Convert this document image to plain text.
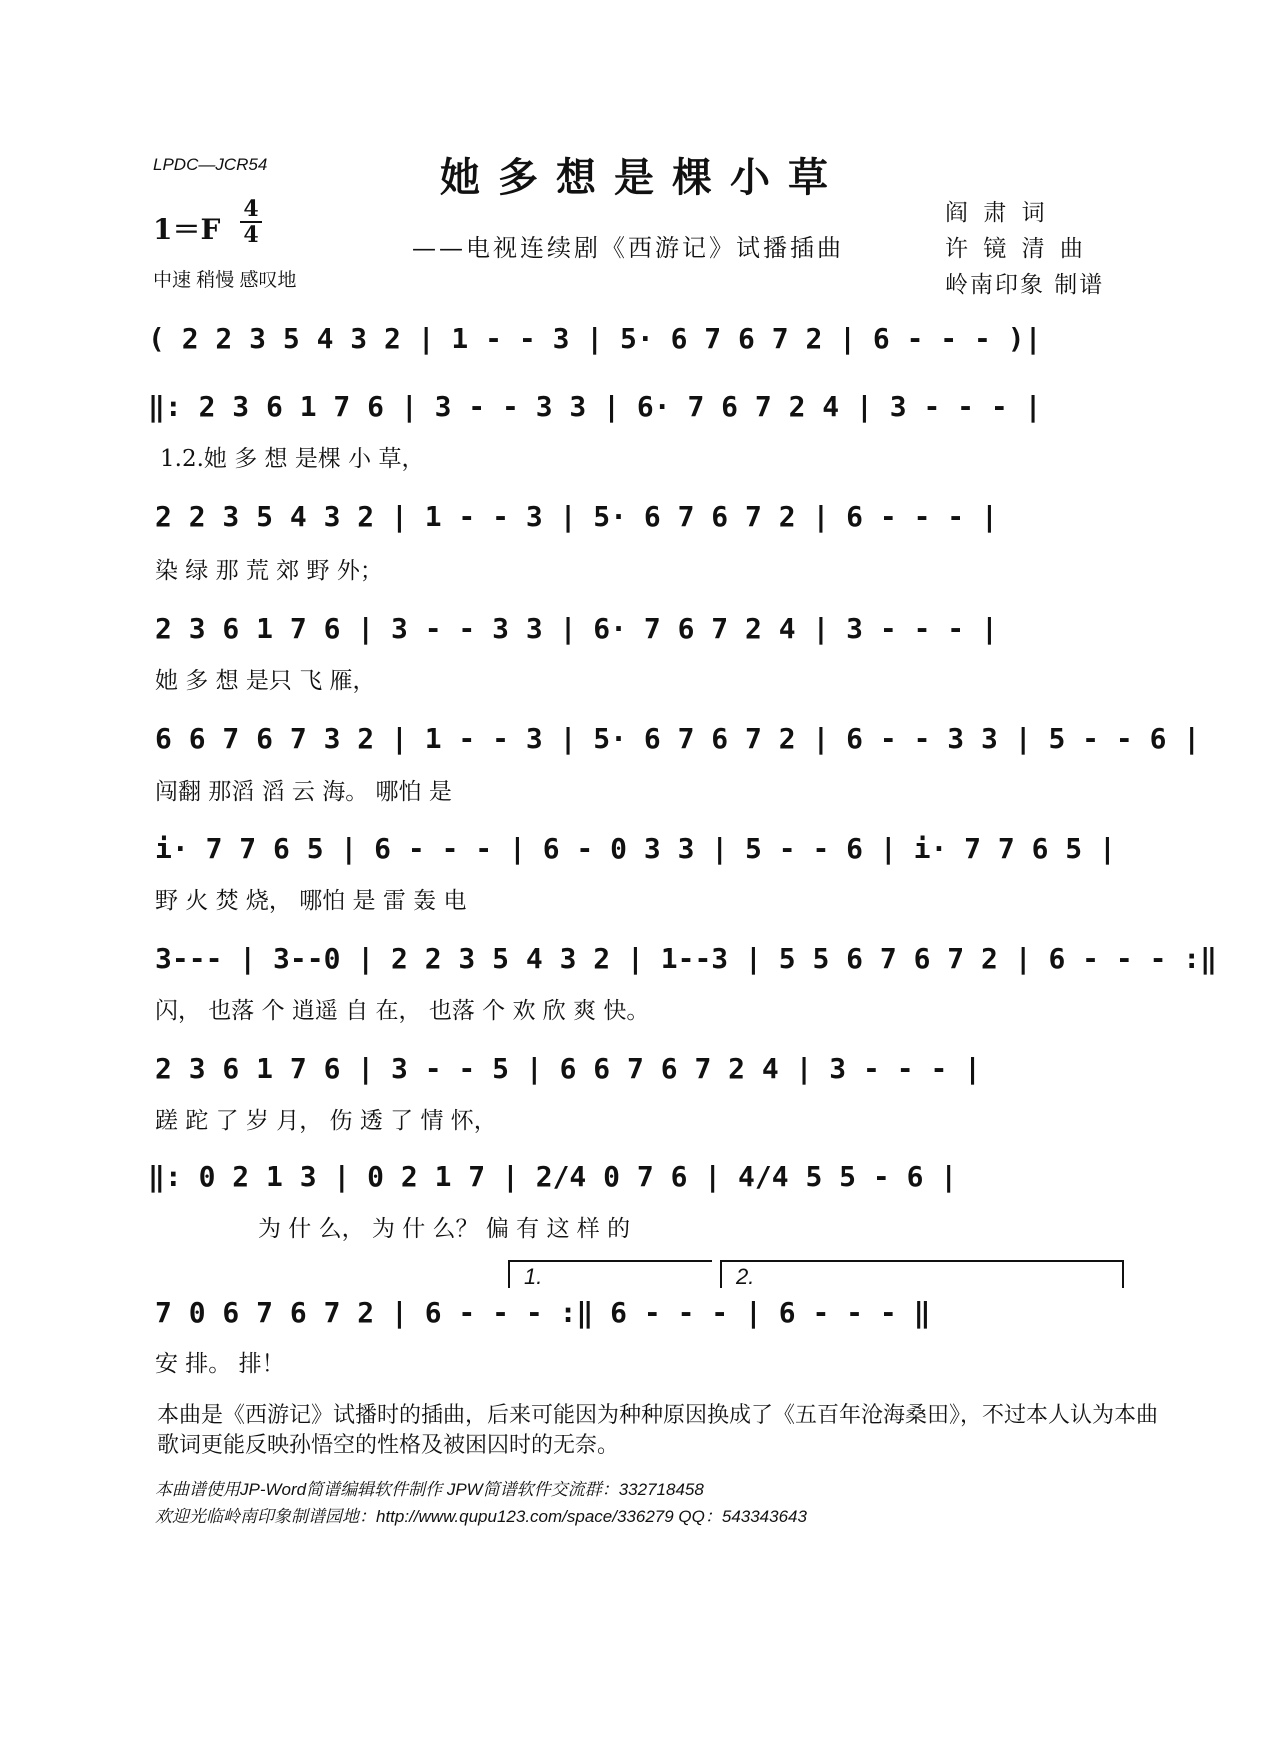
LPDC—JCR54	她多想是棵小草
——电视连续剧《西游记》试播插曲
1＝F
4
4
中速 稍慢 感叹地
阎 肃 词
许 镜 清 曲
岭南印象 制谱
( 2 2 3 5 4 3 2 | 1 - - 3 | 5· 6 7 6 7 2 | 6 - - - )|
‖: 2 3 6 1 7 6 | 3 - - 3 3 | 6· 7 6 7 2 4 | 3 - - - |
1.2.她 多 想 是棵 小 草，
2 2 3 5 4 3 2 | 1 - - 3 | 5· 6 7 6 7 2 | 6 - - - |
染 绿 那 荒 郊 野 外；
2 3 6 1 7 6 | 3 - - 3 3 | 6· 7 6 7 2 4 | 3 - - - |
她 多 想 是只 飞 雁，
6 6 7 6 7 3 2 | 1 - - 3 | 5· 6 7 6 7 2 | 6 - - 3 3 | 5 - - 6 |
闯翻 那滔 滔 云 海。 哪怕 是
i· 7 7 6 5 | 6 - - - | 6 - 0 3 3 | 5 - - 6 | i· 7 7 6 5 |
野 火 焚 烧， 哪怕 是 雷 轰 电
3--- | 3--0 | 2 2 3 5 4 3 2 | 1--3 | 5 5 6 7 6 7 2 | 6 - - - :‖
闪， 也落 个 逍遥 自 在， 也落 个 欢 欣 爽 快。
2 3 6 1 7 6 | 3 - - 5 | 6 6 7 6 7 2 4 | 3 - - - |
蹉 跎 了 岁 月， 伤 透 了 情 怀，
‖: 0 2 1 3 | 0 2 1 7 | 2/4 0 7 6 | 4/4 5 5 - 6 |
为 什 么， 为 什 么？ 偏 有 这 样 的
1.	2.
7 0 6 7 6 7 2 | 6 - - - :‖ 6 - - - | 6 - - - ‖
安 排。 排！
本曲是《西游记》试播时的插曲，后来可能因为种种原因换成了《五百年沧海桑田》，不过本人认为本曲
歌词更能反映孙悟空的性格及被困囚时的无奈。
本曲谱使用JP-Word简谱编辑软件制作 JPW简谱软件交流群：332718458
欢迎光临岭南印象制谱园地：http://www.qupu123.com/space/336279 QQ：543343643
